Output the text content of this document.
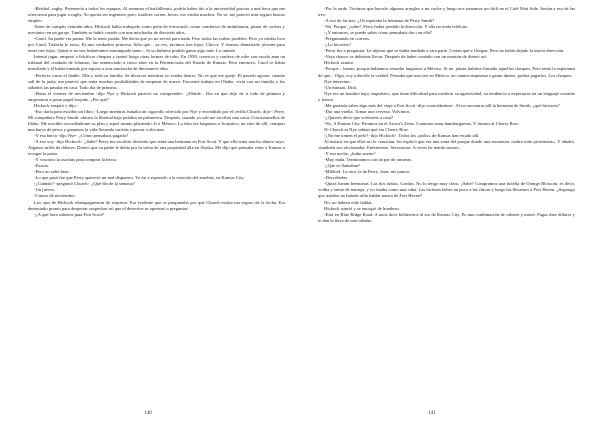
-Béisbol, rugby. Pertenecía a todos los equipos. Al terminar el bachillerato, podría haber ido a la universidad gracias a una beca que me ofrecieron para jugar a rugby. Yo quería ser ingeniero pero, tiradoes corren, becas, ese estaba muchos. No sé, me pareció más seguro buscar empleo.

Antes de cumplir veintiún años, Hickock había trabajado como peón de ferrocarril, como conductor de ambulancia, pintor de coches y mecánico en un garaje. También se había casado con una muchacha de dieciséis años.

-Carol. Su padre era pastor. Me la tenía jurada. Me decía que yo no servía para nada. Pero todos las trabas posibles. Pero yo estaba loco por Carol. Todavía lo estoy. Es una verdadera princesa. Sólo que... ya ves, tuvimos tres hijos. Chicos. Y éramos demasiado jóvenes para tener tres hijos. Quizá si no nos hubiéramos entrampado tanto... Si yo hubiese podido ganar algo más. Lo intenté.

Intentó jugar, empezó a falsificar cheques y tanteó luego otras formas de robo. En 1958, convicto y confeso de robo con escalo ante un tribunal del condado de Johnson, fue sentenciado a cinco años en la Penitenciaría del Estado de Kansas. Pero entonces, Carol se había marchado y él había tomado por esposa a otra muchacha de diecinueve años.

-Perfecta como el diablo. Ella y toda su familia. Se divorció mientras yo estaba dentro. No es que me queje. El pasado agosto, cuando salí de la jaula, me pareció que tenía muchas posibilidades de empezar de nuevo. Encontré trabajo en Olathe, vivía con mi familia y los sábados las pasaba en casa. Todo iba de primera...

-Hasta el viernes de noviembre -dijo Nye y Hickock pareció no comprender-. ¿Dónde... Dia en que dejó de ir todo de primera y empezaron a pasar papel mojado. ¿Por qué?

Hickock suspiró y dijo:

-Eso daría para escribir un libro. -Luego mientras fumaba un cigarrillo ofrecido por Nye y encendido por el cerilla Church, dijo-: Perry. Mi compañero Perry Smith, obtuvo la libertad bajo palabra en primavera. Después, cuando yo salí me escribió una carta. Con matasellos de Idaho. Me escribió recordándome su plan y aquel asunto planteado. Ir a México. La idea era largarnos a Acapulco, un sitio de allí, comprar una barca de pesca y ganarnos la vida llevando turistas a pescar a alta mar.

-Y esa barca -dijo Nye-. ¿Cómo pensabais pagarla?

-A eso voy -dijo Hickock-. ¿Sabe? Perry me escribió diciendo que tenía una hermana en Fort Scott. Y que ella tenía mucho dinero suyo. Algunos miles de dólares. Dinero que su padre le debía por la venta de una propiedad allá en Alaska. Me dijo que pensaba venir a Kansas a recoger la pasta.

-Y vosotros la usaríais para comprar la barca.

-Exacto.

-Pero no salió bien.

-Lo que pasó fue que Perry apareció un mal dispuesto. Yo fui a esperarlo a la estación del autobús, en Kansas City.

-¿Cuándo? -preguntó Church-. ¿Qué día de la semana?

-Un jueves.

-Casero de noviembre.

Los ojos de Hickock relampaguearon de sorpresa. Era evidente que se preguntaba por qué Church estaba tan seguro de la fecha. Era demasiado pronto para despertar sospechas así que el detective se apresuró a preguntar:

-¿A qué hora salisteis para Fort Scott?

140

-Por la tarde. Tuvimos que hacerle algunos arreglos a mi coche y luego nos tomamos un chili en el Café Wait Side. Serían a eso de las tres.

-A eso de las tres. ¿Os esperaba la hermana de Perry Smith?

-No. Porque, ¿sabe?, Perry había perdido la dirección. Y ella no tenía teléfono.

-¿Y entonces, se puede saber cómo pensabais dar con ella?

-Preguntando en correos.

-¿Lo hicisteis?

-Perry fue a preguntar. Le dijeron que se había mudado a otra parte. Creían que a Oregon. Pero no había dejado la nueva dirección.

-Vaya chasco os debisteis llevar. Después de haber contado con un montón de dinero así.

Hickock asintió.

-Porque... bueno, porque habíamos resuelto largarnos a México. Si no, jamás hubiera firmado aquellos cheques. Pero tenía la esperanza de que... Oiga, voy a decirle la verdad. Pensaba que una vez en México, en cuanto empezase a ganar dinero, podría pagarlos. Los cheques.

Nye intervino:

-Un minuto, Dick.

Nye era un hombre bajo, impulsivo, que tiene dificultad para moderar su agresividad, su tendencia a expresarse en un lenguaje cortante y franco.

-Me gustaría saber algo más del viaje a Fort Scott -dijo controlándose-. Al no encontrar allí la hermana de Smith, ¿qué hicisteis?

-Dar una vuelta. Tomar una cerveza. Volvimos.

-¿Quieres decir que volvisteis a casa?

-No. A Kansas City. Paramos en el Arrow's Zests. Comimos unas hamburguesas. Y fuimos al Cherry Row.

Ni Church ni Nye sabían qué era Cherry Row.

-¿No me tomen el pelo? -dijo Hickock-. Todos los «polis» de Kansas han estado allí.

Al insistir en que ellos no lo conocían, les explicó que era una zona del parque donde una encuentra «sobre todo prostitutas». Y añadió, «también son aficionadas. Enfermeras. Secretarias. A veces he tenido suerte».

-Y esa noche, ¿hubo suerte?

-Muy mala. Terminamos con un par de rameras.

-¿Que es llamaban?

-Mildred. La otra, la de Perry, Joan, me parece.

-Describelas.

-Quizá fueran hermanas. Las dos rubias. Gordas. No lo tengo muy claro, ¿Sabe? Compramos una botella de Orange Blossom, es decir, vodka y zumo de naranja, y yo estaba como una cuba. Las hicimos beber un poco a las chicas y luego las llevamos a Fort Haven. ¿Supongo que ustedes no habrán oído hablar nunca de Fort Haven?

No, no habían oído hablar.

Hickock sonrió y se encogió de hombros.

-Está en Blue Ridge Road. A unos doce kilómetros al sur de Kansas City. Es una combinación de cabaret y motel. Pagas diez dólares y te dan la llave de una cabaña.

141
